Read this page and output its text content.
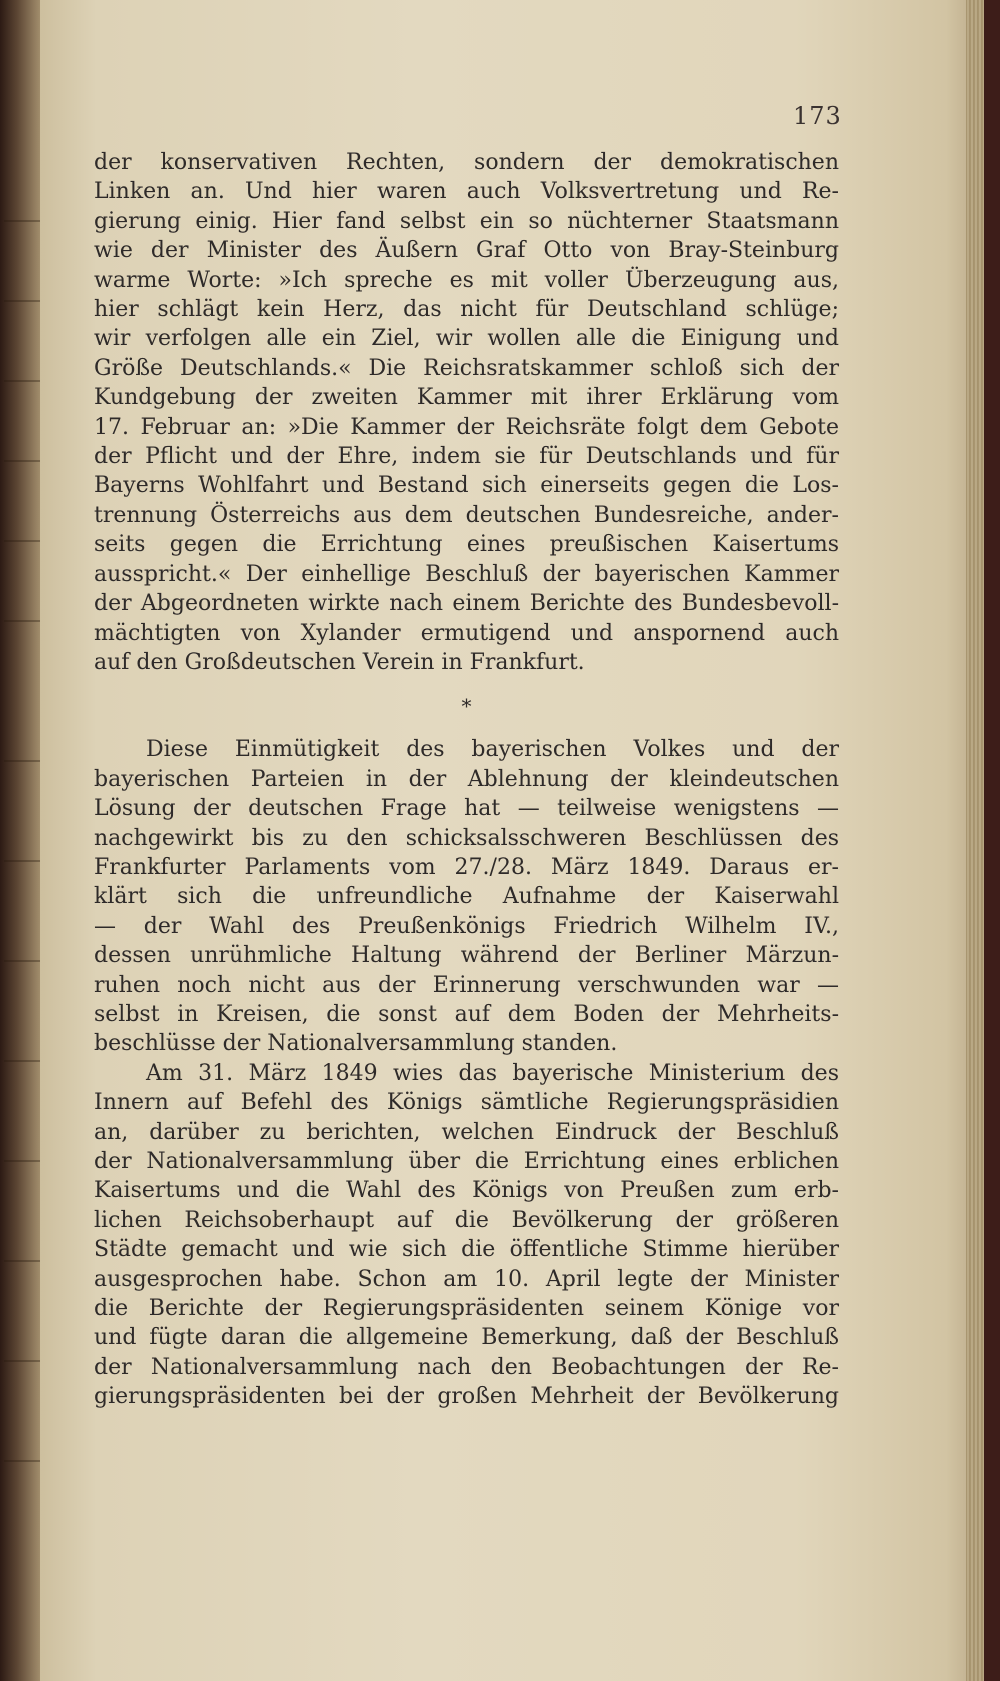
173
der konservativen Rechten, sondern der demokratischen
Linken an. Und hier waren auch Volksvertretung und Re-
gierung einig. Hier fand selbst ein so nüchterner Staatsmann
wie der Minister des Äußern Graf Otto von Bray-Steinburg
warme Worte: »Ich spreche es mit voller Überzeugung aus,
hier schlägt kein Herz, das nicht für Deutschland schlüge;
wir verfolgen alle ein Ziel, wir wollen alle die Einigung und
Größe Deutschlands.« Die Reichsratskammer schloß sich der
Kundgebung der zweiten Kammer mit ihrer Erklärung vom
17. Februar an: »Die Kammer der Reichsräte folgt dem Gebote
der Pflicht und der Ehre, indem sie für Deutschlands und für
Bayerns Wohlfahrt und Bestand sich einerseits gegen die Los-
trennung Österreichs aus dem deutschen Bundesreiche, ander-
seits gegen die Errichtung eines preußischen Kaisertums
ausspricht.« Der einhellige Beschluß der bayerischen Kammer
der Abgeordneten wirkte nach einem Berichte des Bundesbevoll-
mächtigten von Xylander ermutigend und anspornend auch
auf den Großdeutschen Verein in Frankfurt.
*
Diese Einmütigkeit des bayerischen Volkes und der
bayerischen Parteien in der Ablehnung der kleindeutschen
Lösung der deutschen Frage hat — teilweise wenigstens —
nachgewirkt bis zu den schicksalsschweren Beschlüssen des
Frankfurter Parlaments vom 27./28. März 1849. Daraus er-
klärt sich die unfreundliche Aufnahme der Kaiserwahl
— der Wahl des Preußenkönigs Friedrich Wilhelm IV.,
dessen unrühmliche Haltung während der Berliner Märzun-
ruhen noch nicht aus der Erinnerung verschwunden war —
selbst in Kreisen, die sonst auf dem Boden der Mehrheits-
beschlüsse der Nationalversammlung standen.
Am 31. März 1849 wies das bayerische Ministerium des
Innern auf Befehl des Königs sämtliche Regierungspräsidien
an, darüber zu berichten, welchen Eindruck der Beschluß
der Nationalversammlung über die Errichtung eines erblichen
Kaisertums und die Wahl des Königs von Preußen zum erb-
lichen Reichsoberhaupt auf die Bevölkerung der größeren
Städte gemacht und wie sich die öffentliche Stimme hierüber
ausgesprochen habe. Schon am 10. April legte der Minister
die Berichte der Regierungspräsidenten seinem Könige vor
und fügte daran die allgemeine Bemerkung, daß der Beschluß
der Nationalversammlung nach den Beobachtungen der Re-
gierungspräsidenten bei der großen Mehrheit der Bevölkerung
